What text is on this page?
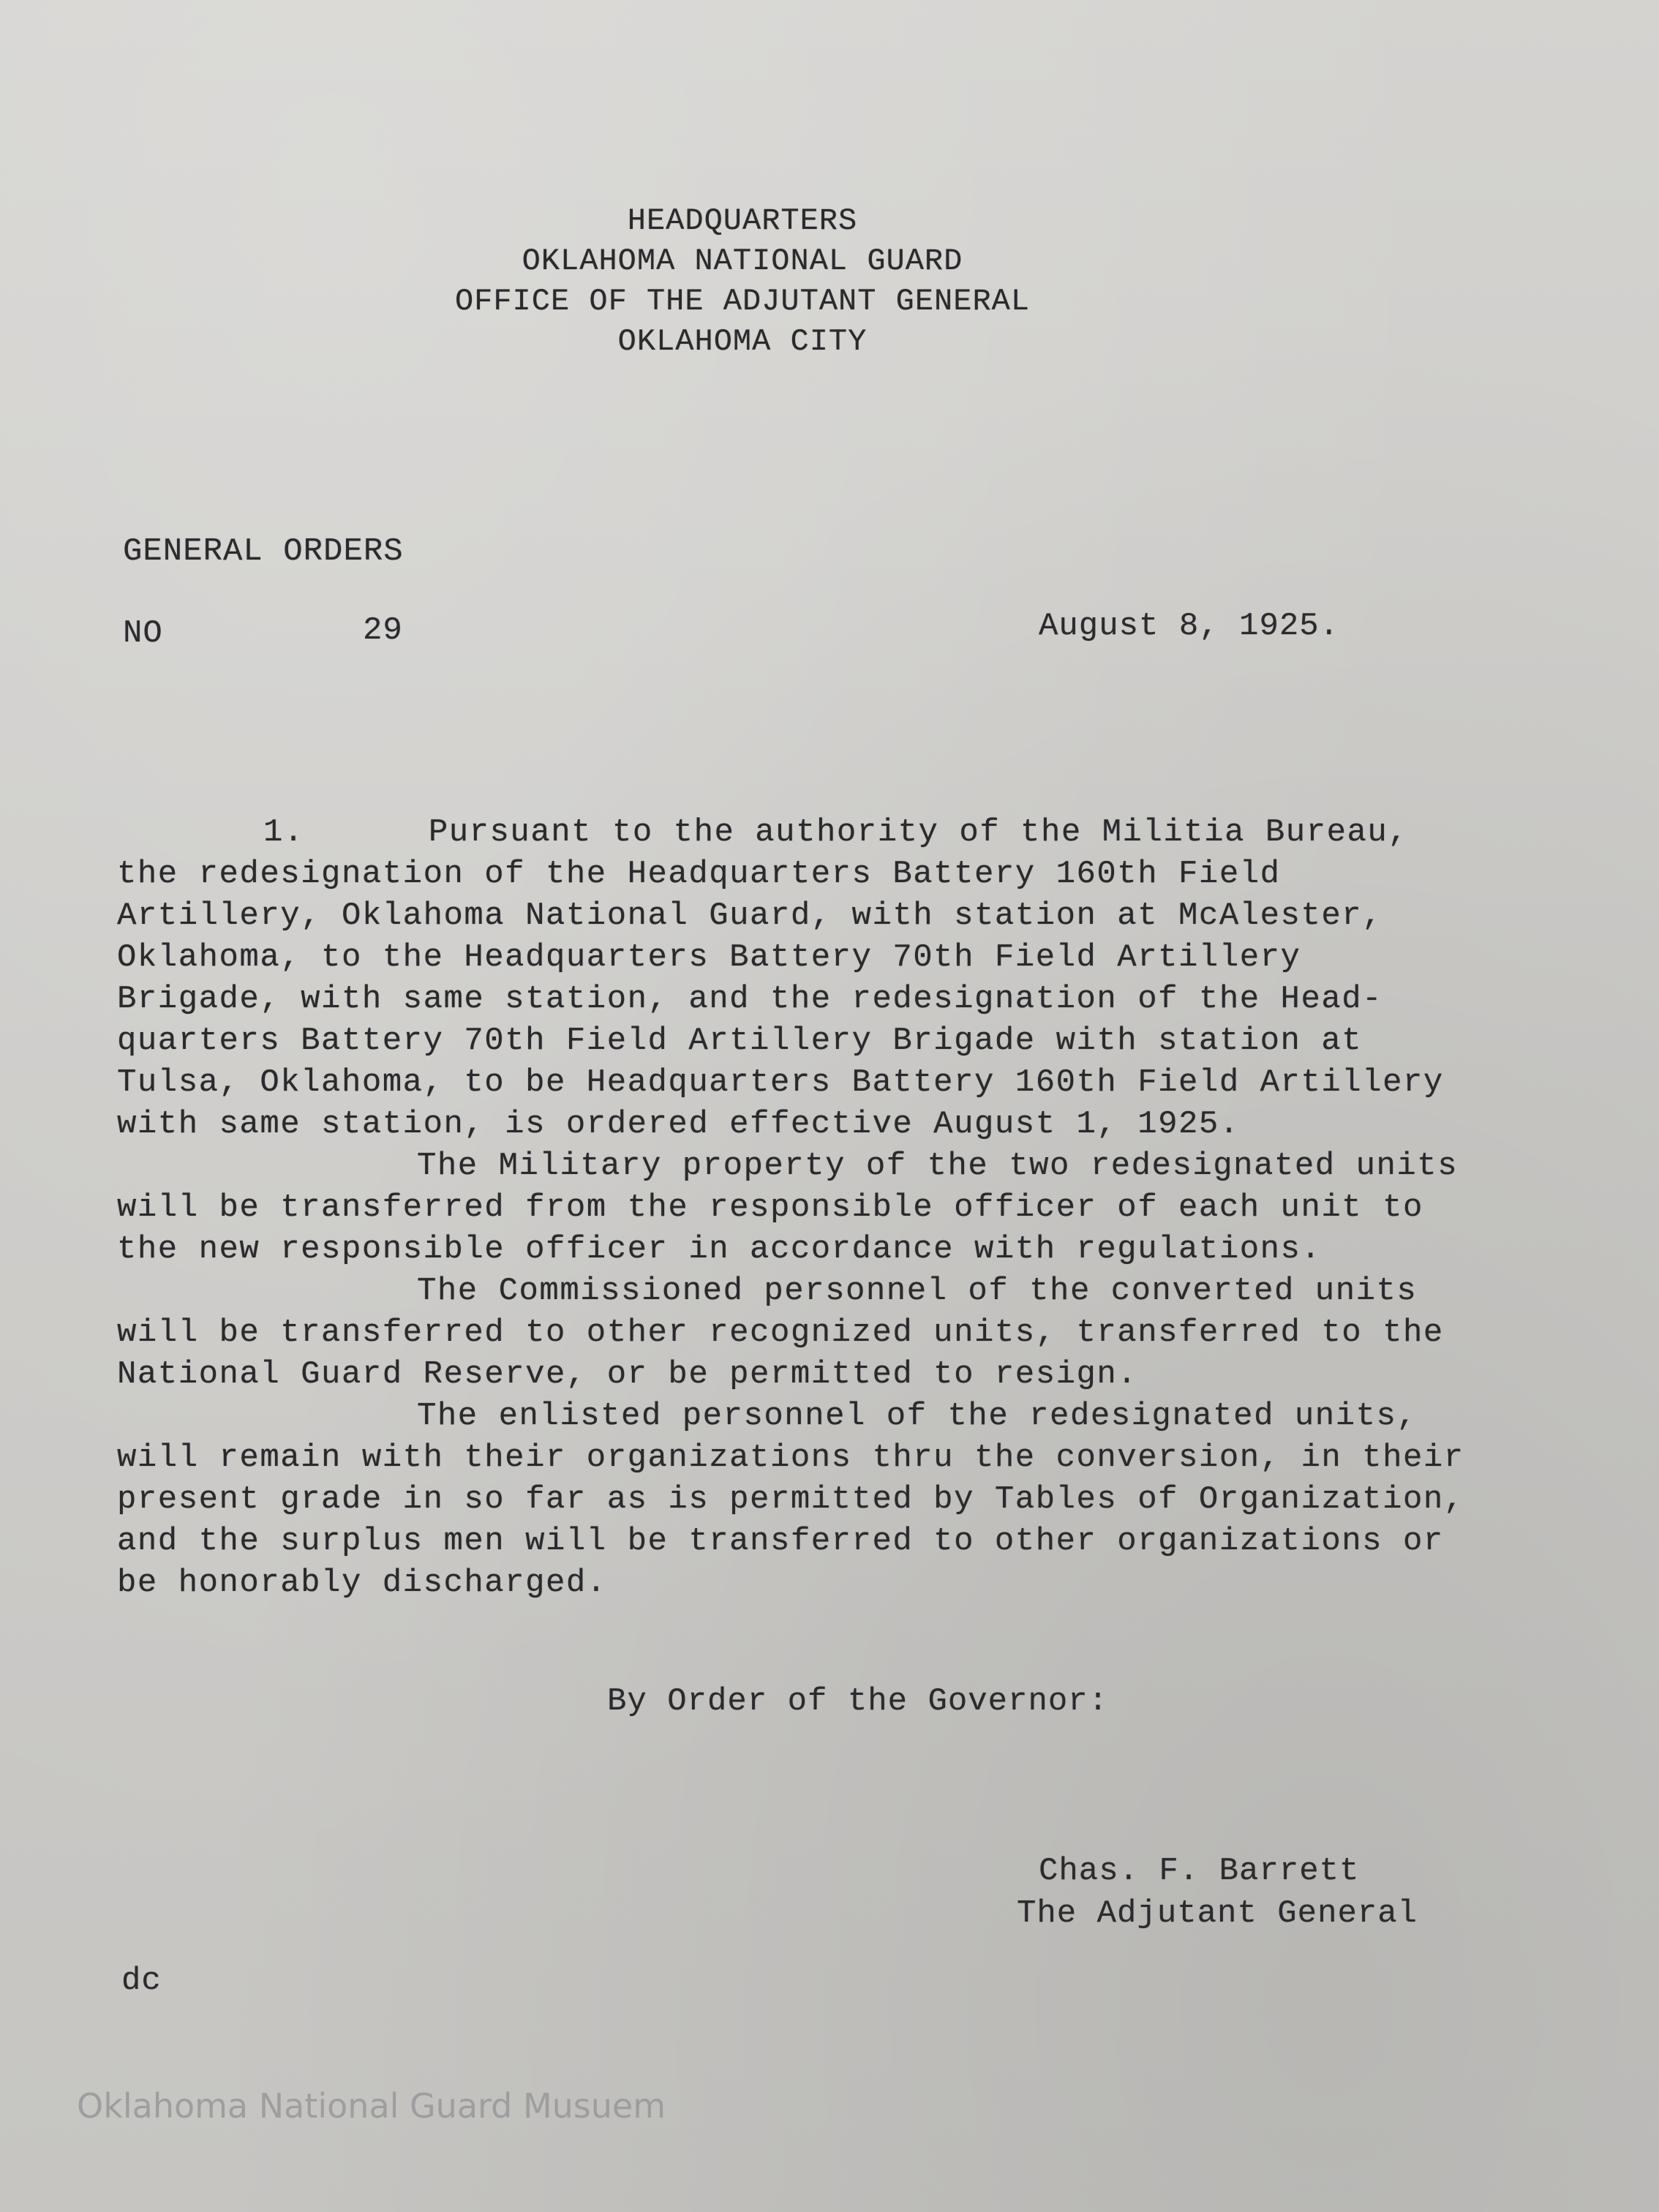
HEADQUARTERS
OKLAHOMA NATIONAL GUARD
OFFICE OF THE ADJUTANT GENERAL
OKLAHOMA CITY
GENERAL ORDERS
NO	29	August 8, 1925.
1.	Pursuant to the authority of the Militia Bureau,
the redesignation of the Headquarters Battery 160th Field
Artillery, Oklahoma National Guard, with station at McAlester,
Oklahoma, to the Headquarters Battery 70th Field Artillery
Brigade, with same station, and the redesignation of the Head-
quarters Battery 70th Field Artillery Brigade with station at
Tulsa, Oklahoma, to be Headquarters Battery 160th Field Artillery
with same station, is ordered effective August 1, 1925.
The Military property of the two redesignated units
will be transferred from the responsible officer of each unit to
the new responsible officer in accordance with regulations.
The Commissioned personnel of the converted units
will be transferred to other recognized units, transferred to the
National Guard Reserve, or be permitted to resign.
The enlisted personnel of the redesignated units,
will remain with their organizations thru the conversion, in their
present grade in so far as is permitted by Tables of Organization,
and the surplus men will be transferred to other organizations or
be honorably discharged.
By Order of the Governor:
Chas. F. Barrett
The Adjutant General
dc
Oklahoma National Guard Musuem
